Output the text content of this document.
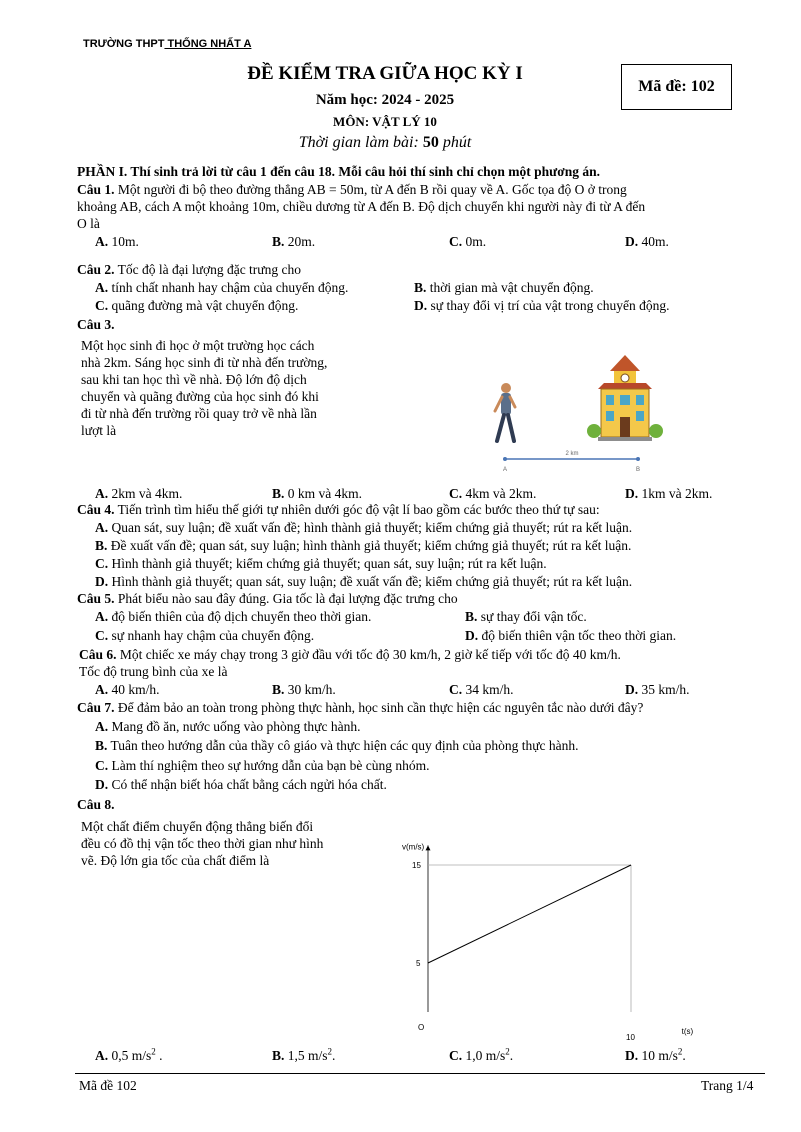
TRƯỜNG THPT THỐNG NHẤT A
ĐỀ KIỂM TRA GIỮA HỌC KỲ I
Năm học: 2024 - 2025
MÔN: VẬT LÝ 10
Thời gian làm bài: 50 phút
Mã đề: 102
PHẦN I. Thí sinh trả lời từ câu 1 đến câu 18. Mỗi câu hỏi thí sinh chỉ chọn một phương án.
Câu 1. Một người đi bộ theo đường thẳng AB = 50m, từ A đến B rồi quay về A. Gốc tọa độ O ở trong
khoảng AB, cách A một khoảng 10m, chiều dương từ A đến B. Độ dịch chuyển khi người này đi từ A đến
O là
A. 10m.	B. 20m.	C. 0m.	D. 40m.
Câu 2. Tốc độ là đại lượng đặc trưng cho
A. tính chất nhanh hay chậm của chuyển động.	B. thời gian mà vật chuyển động.
C. quãng đường mà vật chuyển động.	D. sự thay đổi vị trí của vật trong chuyển động.
Câu 3.
Một học sinh đi học ở một trường học cách
nhà 2km. Sáng học sinh đi từ nhà đến trường,
sau khi tan học thì về nhà. Độ lớn độ dịch
chuyển và quãng đường của học sinh đó khi
đi từ nhà đến trường rồi quay trở về nhà lần
lượt là
2 km
A	B
A. 2km và 4km.	B. 0 km và 4km.	C. 4km và 2km.	D. 1km và 2km.
Câu 4. Tiến trình tìm hiểu thế giới tự nhiên dưới góc độ vật lí bao gồm các bước theo thứ tự sau:
A. Quan sát, suy luận; đề xuất vấn đề; hình thành giả thuyết; kiểm chứng giả thuyết; rút ra kết luận.
B. Đề xuất vấn đề; quan sát, suy luận; hình thành giả thuyết; kiểm chứng giả thuyết; rút ra kết luận.
C. Hình thành giả thuyết; kiểm chứng giả thuyết; quan sát, suy luận; rút ra kết luận.
D. Hình thành giả thuyết; quan sát, suy luận; đề xuất vấn đề; kiểm chứng giả thuyết; rút ra kết luận.
Câu 5. Phát biểu nào sau đây đúng. Gia tốc là đại lượng đặc trưng cho
A. độ biến thiên của độ dịch chuyển theo thời gian.	B. sự thay đổi vận tốc.
C. sự nhanh hay chậm của chuyển động.	D. độ biến thiên vận tốc theo thời gian.
Câu 6. Một chiếc xe máy chạy trong 3 giờ đầu với tốc độ 30 km/h, 2 giờ kế tiếp với tốc độ 40 km/h.
Tốc độ trung bình của xe là
A. 40 km/h.	B. 30 km/h.	C. 34 km/h.	D. 35 km/h.
Câu 7. Để đảm bảo an toàn trong phòng thực hành, học sinh cần thực hiện các nguyên tắc nào dưới đây?
A. Mang đồ ăn, nước uống vào phòng thực hành.
B. Tuân theo hướng dẫn của thầy cô giáo và thực hiện các quy định của phòng thực hành.
C. Làm thí nghiệm theo sự hướng dẫn của bạn bè cùng nhóm.
D. Có thể nhận biết hóa chất bằng cách ngửi hóa chất.
Câu 8.
Một chất điểm chuyển động thẳng biến đổi
đều có đồ thị vận tốc theo thời gian như hình
vẽ. Độ lớn gia tốc của chất điểm là
v(m/s)
t(s)
O
5
15
10
A. 0,5 $m/s^2$ .	B. 1,5 $m/s^2$.	C. 1,0 $m/s^2$.	D. 10 $m/s^2$.
Mã đề 102	Trang 1/4
